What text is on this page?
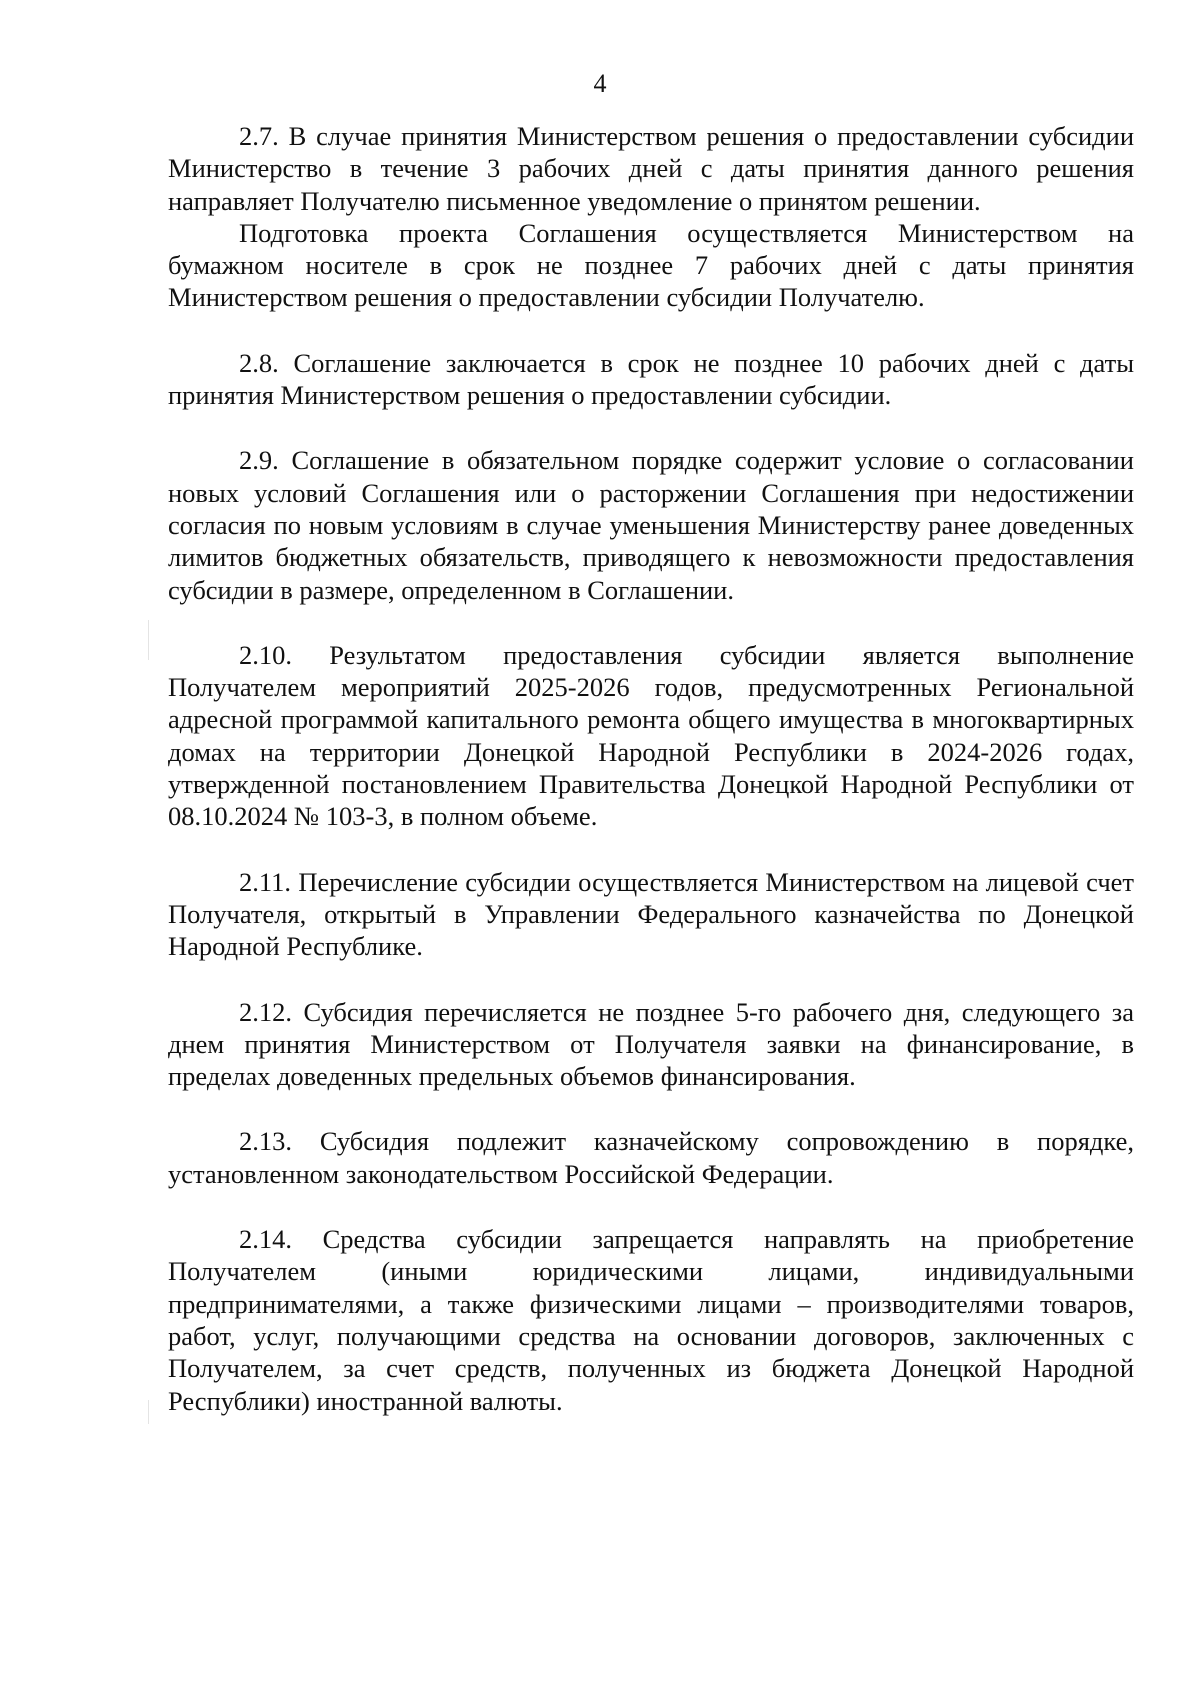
4

2.7. В случае принятия Министерством решения о предоставлении субсидии Министерство в течение 3 рабочих дней с даты принятия данного решения направляет Получателю письменное уведомление о принятом решении.

Подготовка проекта Соглашения осуществляется Министерством на бумажном носителе в срок не позднее 7 рабочих дней с даты принятия Министерством решения о предоставлении субсидии Получателю.

2.8. Соглашение заключается в срок не позднее 10 рабочих дней с даты принятия Министерством решения о предоставлении субсидии.

2.9. Соглашение в обязательном порядке содержит условие о согласовании новых условий Соглашения или о расторжении Соглашения при недостижении согласия по новым условиям в случае уменьшения Министерству ранее доведенных лимитов бюджетных обязательств, приводящего к невозможности предоставления субсидии в размере, определенном в Соглашении.

2.10. Результатом предоставления субсидии является выполнение Получателем мероприятий 2025-2026 годов, предусмотренных Региональной адресной программой капитального ремонта общего имущества в многоквартирных домах на территории Донецкой Народной Республики в 2024-2026 годах, утвержденной постановлением Правительства Донецкой Народной Республики от 08.10.2024 № 103-3, в полном объеме.

2.11. Перечисление субсидии осуществляется Министерством на лицевой счет Получателя, открытый в Управлении Федерального казначейства по Донецкой Народной Республике.

2.12. Субсидия перечисляется не позднее 5-го рабочего дня, следующего за днем принятия Министерством от Получателя заявки на финансирование, в пределах доведенных предельных объемов финансирования.

2.13. Субсидия подлежит казначейскому сопровождению в порядке, установленном законодательством Российской Федерации.

2.14. Средства субсидии запрещается направлять на приобретение Получателем (иными юридическими лицами, индивидуальными предпринимателями, а также физическими лицами – производителями товаров, работ, услуг, получающими средства на основании договоров, заключенных с Получателем, за счет средств, полученных из бюджета Донецкой Народной Республики) иностранной валюты.
